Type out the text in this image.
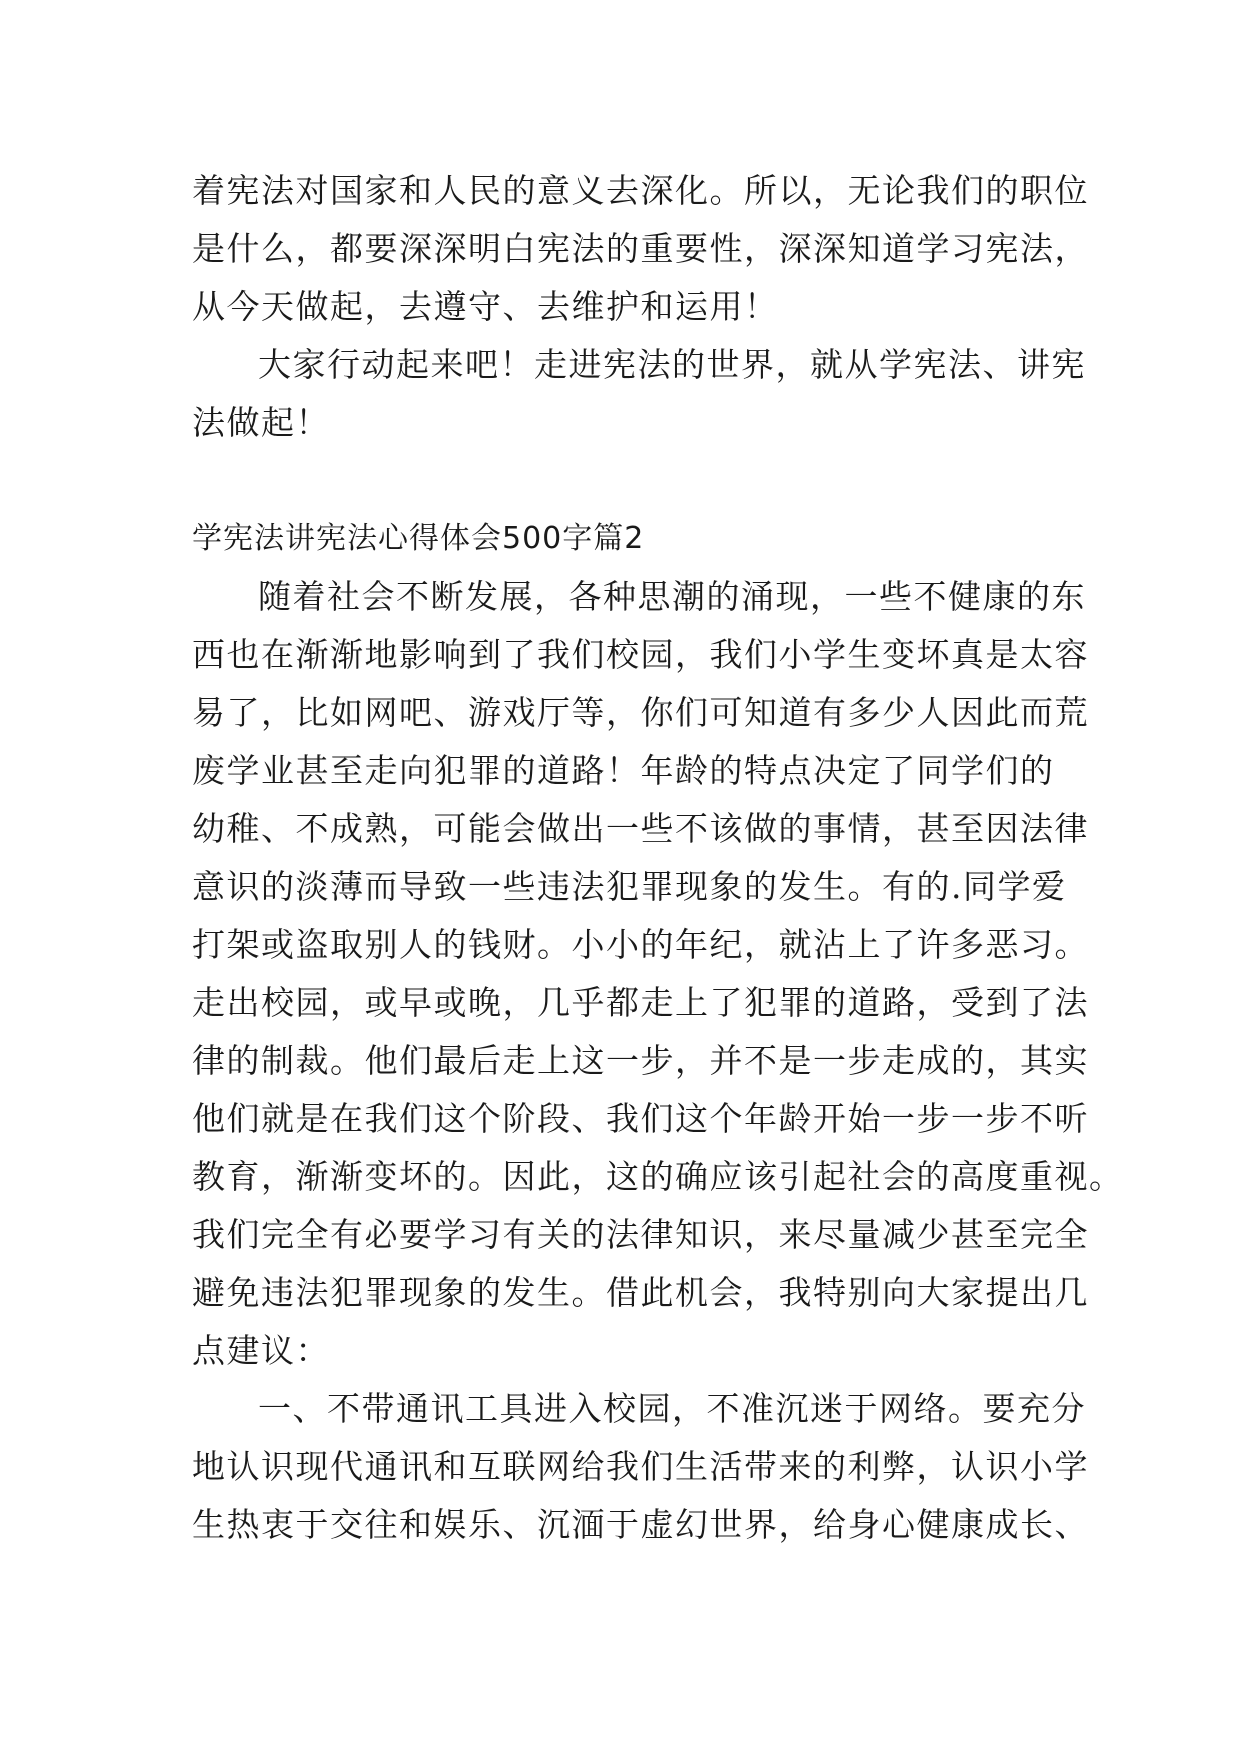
着宪法对国家和人民的意义去深化。所以，无论我们的职位
是什么，都要深深明白宪法的重要性，深深知道学习宪法，
从今天做起，去遵守、去维护和运用！
大家行动起来吧！走进宪法的世界，就从学宪法、讲宪
法做起！
学宪法讲宪法心得体会500字篇2
随着社会不断发展，各种思潮的涌现，一些不健康的东
西也在渐渐地影响到了我们校园，我们小学生变坏真是太容
易了，比如网吧、游戏厅等，你们可知道有多少人因此而荒
废学业甚至走向犯罪的道路！年龄的特点决定了同学们的
幼稚、不成熟，可能会做出一些不该做的事情，甚至因法律
意识的淡薄而导致一些违法犯罪现象的发生。有的.同学爱
打架或盗取别人的钱财。小小的年纪，就沾上了许多恶习。
走出校园，或早或晚，几乎都走上了犯罪的道路，受到了法
律的制裁。他们最后走上这一步，并不是一步走成的，其实
他们就是在我们这个阶段、我们这个年龄开始一步一步不听
教育，渐渐变坏的。因此，这的确应该引起社会的高度重视。
我们完全有必要学习有关的法律知识，来尽量减少甚至完全
避免违法犯罪现象的发生。借此机会，我特别向大家提出几
点建议：
一、不带通讯工具进入校园，不准沉迷于网络。要充分
地认识现代通讯和互联网给我们生活带来的利弊，认识小学
生热衷于交往和娱乐、沉湎于虚幻世界，给身心健康成长、
